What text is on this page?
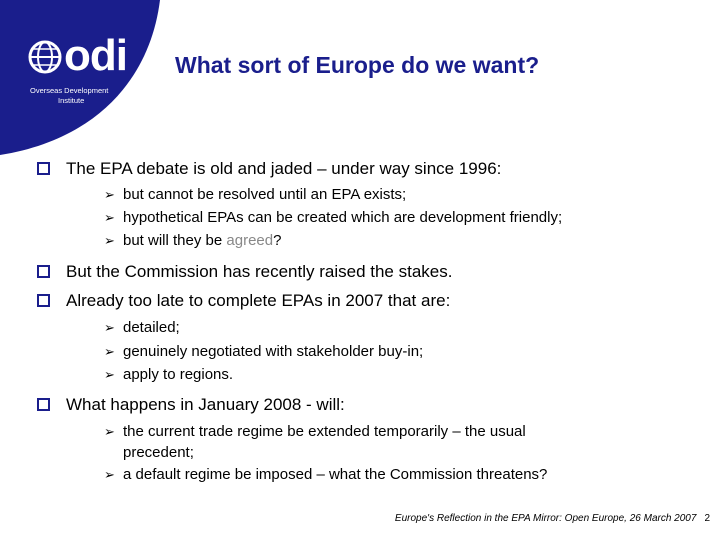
odi
Overseas Development
Institute
What sort of Europe do we want?
The EPA debate is old and jaded – under way since 1996:
➢ but cannot be resolved until an EPA exists;
➢ hypothetical EPAs can be created which are development friendly;
➢ but will they be agreed?
But the Commission has recently raised the stakes.
Already too late to complete EPAs in 2007 that are:
➢ detailed;
➢ genuinely negotiated with stakeholder buy-in;
➢ apply to regions.
What happens in January 2008 - will:
➢ the current trade regime be extended temporarily – the usual
precedent;
➢ a default regime be imposed – what the Commission threatens?
Europe's Reflection in the EPA Mirror: Open Europe, 26 March 2007 2
